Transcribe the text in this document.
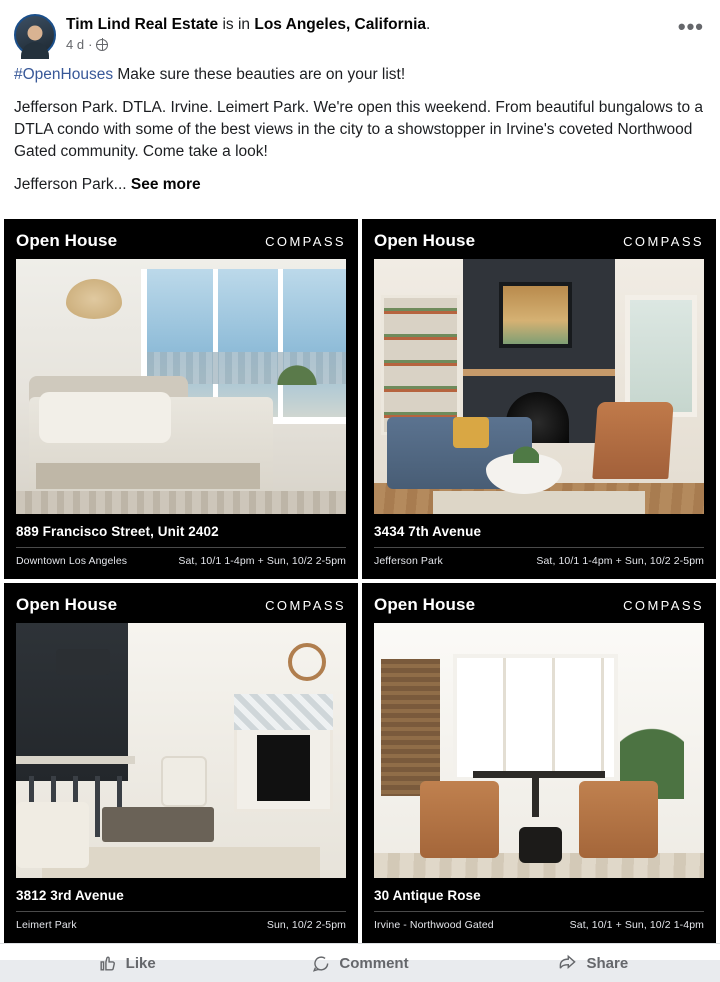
Tim Lind Real Estate is in Los Angeles, California.
4 d ·
•••

#OpenHouses Make sure these beauties are on your list!

Jefferson Park. DTLA. Irvine. Leimert Park. We're open this weekend. From beautiful bungalows to a DTLA condo with some of the best views in the city to a showstopper in Irvine's coveted Northwood Gated community. Come take a look!

Jefferson Park... See more

Open House	CΟMPASS
889 Francisco Street, Unit 2402
Downtown Los Angeles	Sat, 10/1 1-4pm + Sun, 10/2 2-5pm
Open House	CΟMPASS
3434 7th Avenue
Jefferson Park	Sat, 10/1 1-4pm + Sun, 10/2 2-5pm
Open House	CΟMPASS
3812 3rd Avenue
Leimert Park	Sun, 10/2 2-5pm
Open House	CΟMPASS
30 Antique Rose
Irvine - Northwood Gated	Sat, 10/1 + Sun, 10/2 1-4pm
Like	Comment	Share
